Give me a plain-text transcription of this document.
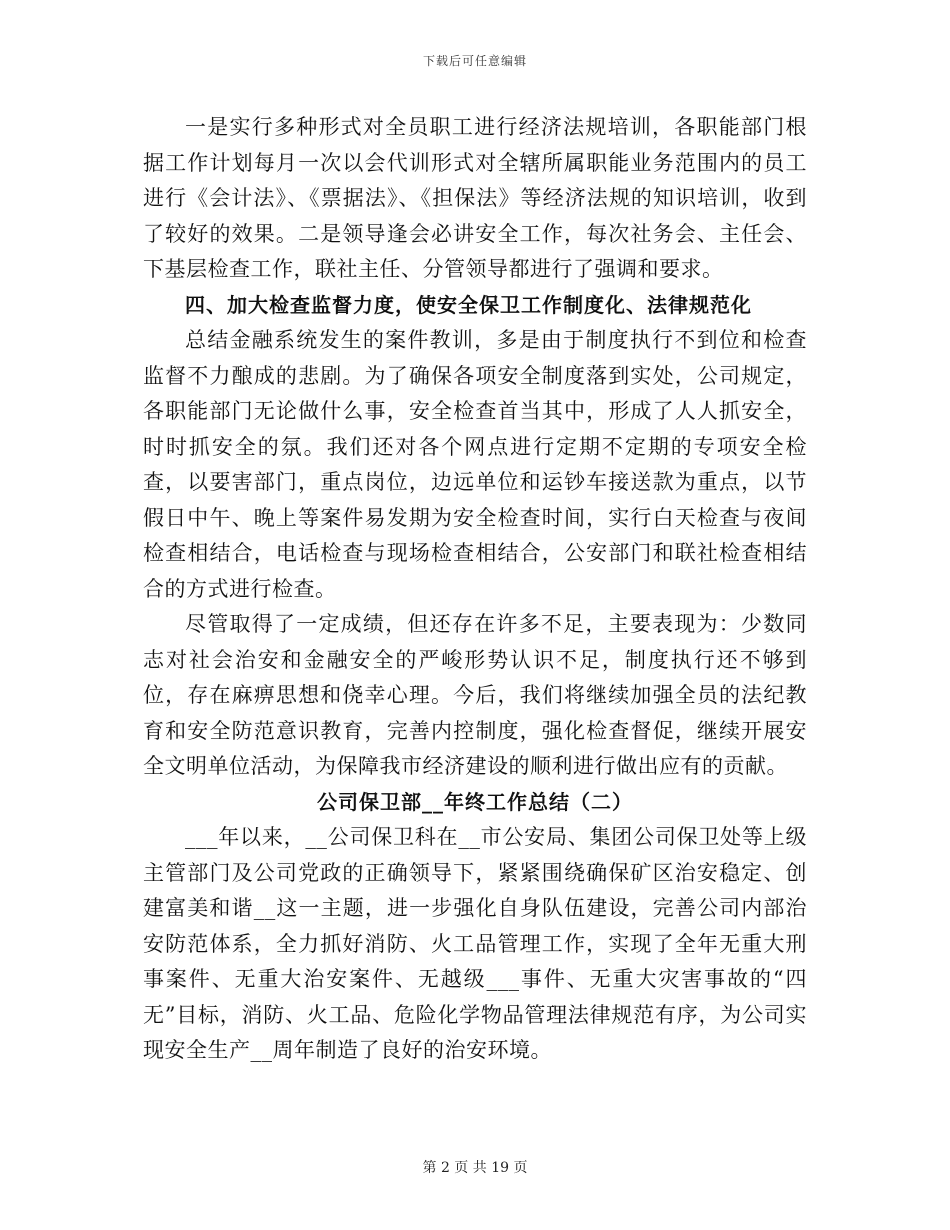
下载后可任意编辑

一是实行多种形式对全员职工进行经济法规培训，各职能部门根据工作计划每月一次以会代训形式对全辖所属职能业务范围内的员工进行《会计法》、《票据法》、《担保法》等经济法规的知识培训，收到了较好的效果。二是领导逢会必讲安全工作，每次社务会、主任会、下基层检查工作，联社主任、分管领导都进行了强调和要求。

四、加大检查监督力度，使安全保卫工作制度化、法律规范化

总结金融系统发生的案件教训，多是由于制度执行不到位和检查监督不力酿成的悲剧。为了确保各项安全制度落到实处，公司规定，各职能部门无论做什么事，安全检查首当其中，形成了人人抓安全，时时抓安全的氛。我们还对各个网点进行定期不定期的专项安全检查，以要害部门，重点岗位，边远单位和运钞车接送款为重点，以节假日中午、晚上等案件易发期为安全检查时间，实行白天检查与夜间检查相结合，电话检查与现场检查相结合，公安部门和联社检查相结合的方式进行检查。

尽管取得了一定成绩，但还存在许多不足，主要表现为：少数同志对社会治安和金融安全的严峻形势认识不足，制度执行还不够到位，存在麻痹思想和侥幸心理。今后，我们将继续加强全员的法纪教育和安全防范意识教育，完善内控制度，强化检查督促，继续开展安全文明单位活动，为保障我市经济建设的顺利进行做出应有的贡献。

公司保卫部__年终工作总结（二）

___年以来，__公司保卫科在__市公安局、集团公司保卫处等上级主管部门及公司党政的正确领导下，紧紧围绕确保矿区治安稳定、创建富美和谐__这一主题，进一步强化自身队伍建设，完善公司内部治安防范体系，全力抓好消防、火工品管理工作，实现了全年无重大刑事案件、无重大治安案件、无越级___事件、无重大灾害事故的“四无”目标，消防、火工品、危险化学物品管理法律规范有序，为公司实现安全生产__周年制造了良好的治安环境。

第 2 页 共 19 页
